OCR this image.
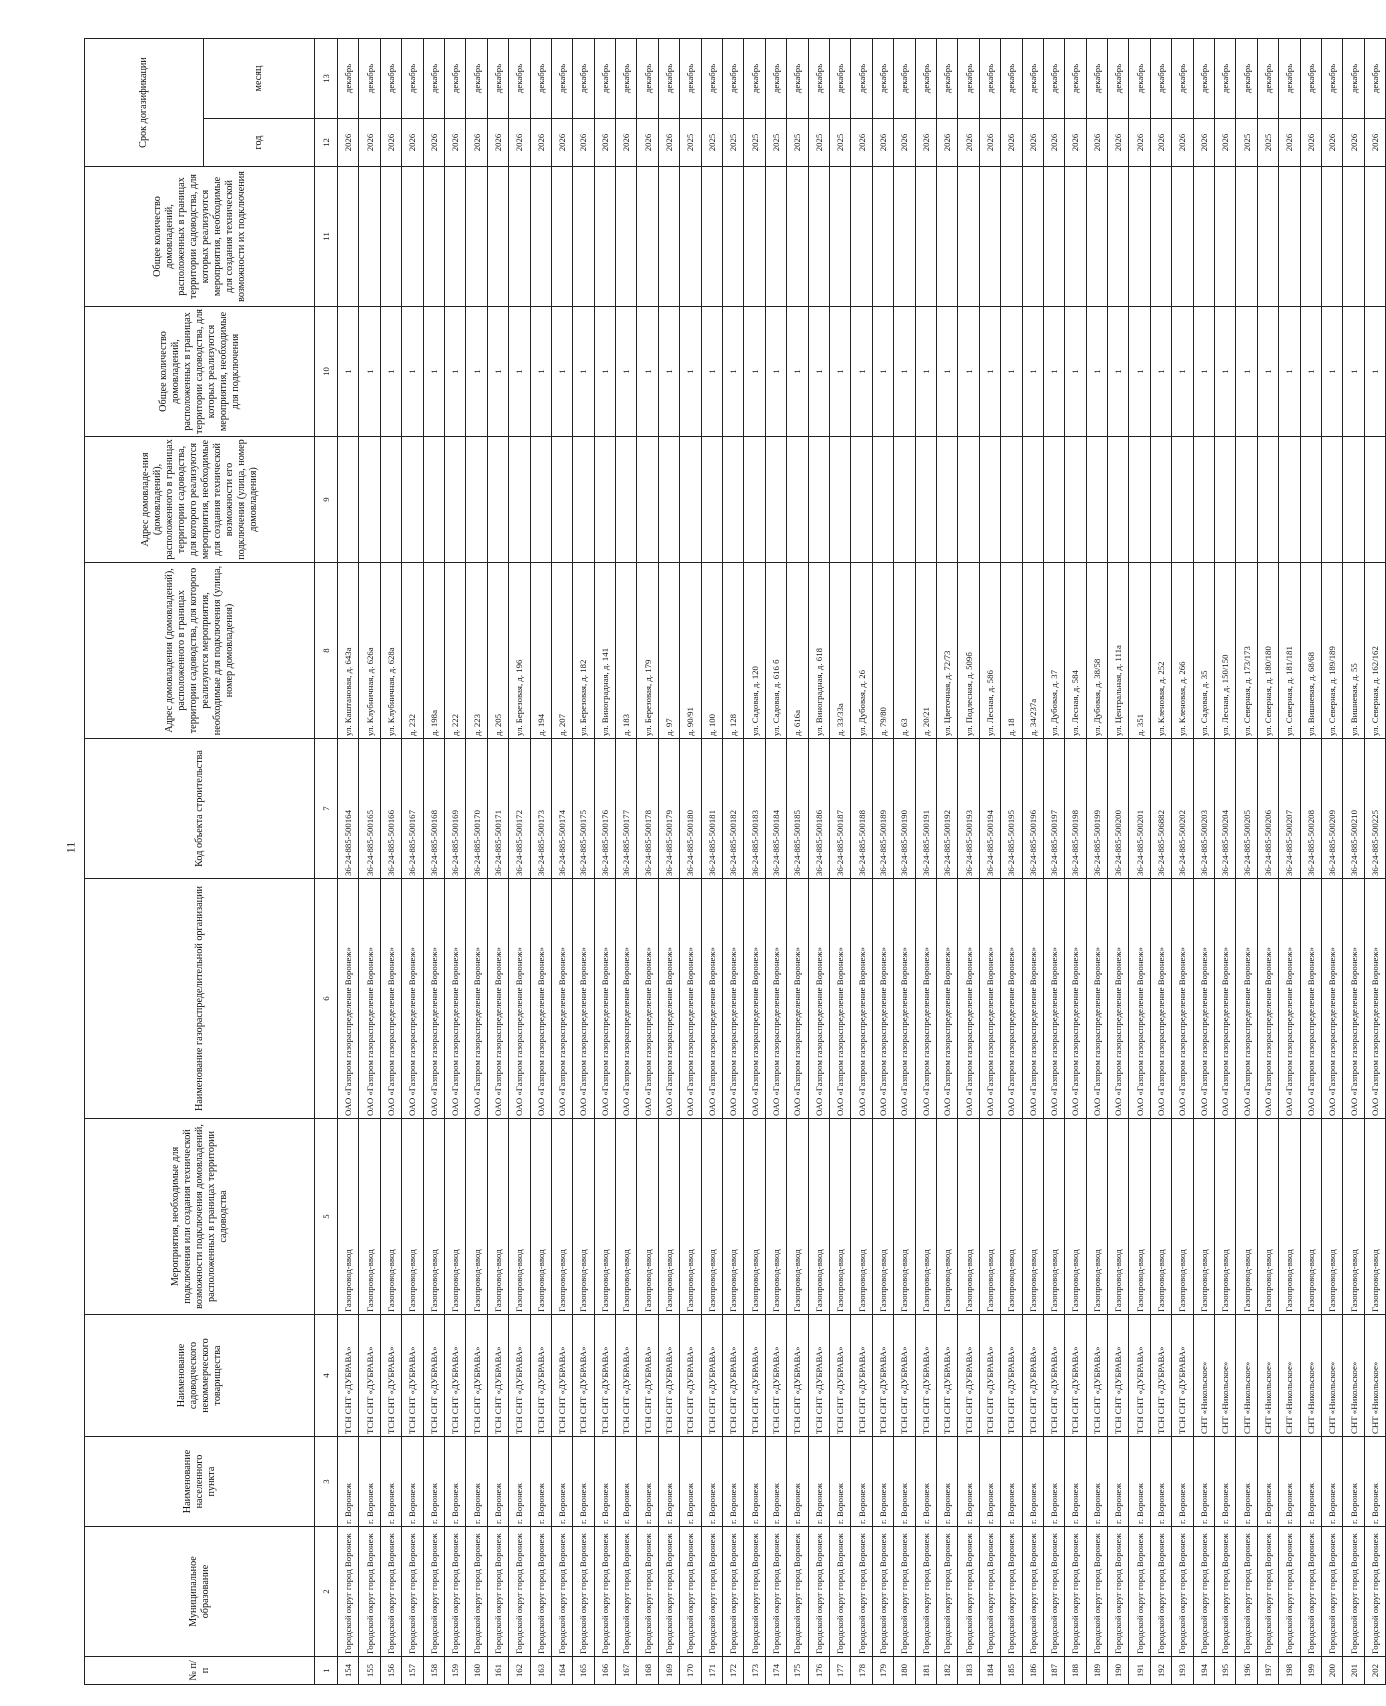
11
№ п/п	Муниципальное образование	Наименование населенного пункта	Наименование садоводческого некоммерческого товарищества	Мероприятия, необходимые для подключения или создания технической возможности подключения домовладений, расположенных в границах территории садоводства	Наименование газораспределительной организации	Код объекта строительства	Адрес домовладения (домовладений), расположенного в границах территории садоводства, для которого реализуются мероприятия, необходимые для подключения (улица, номер домовладения)	Адрес домовладе-ния (домовладений), расположенного в границах территории садоводства, для которого реализуются мероприятия, необходимые для создания технической возможности его подключения (улица, номер домовладения)	Общее количество домовладений, расположенных в границах территории садоводства, для которых реализуются мероприятия, необходимые для подключения	Общее количество домовладений, расположенных в границах территории садоводства, для которых реализуются мероприятия, необходимые для создания технической возможности их подключения	Срок догазификации	
											год	месяц
1	2	3	4	5	6	7	8	9	10	11	12	13
154	Городской округ город Воронеж	г. Воронеж	ТСН СНТ «ДУБРАВА»	Газопровод-ввод	ОАО «Газпром газораспределение Воронеж»	36-24-885-500164	ул. Каштановая, д. 643а		1		2026	декабрь
155	Городской округ город Воронеж	г. Воронеж	ТСН СНТ «ДУБРАВА»	Газопровод-ввод	ОАО «Газпром газораспределение Воронеж»	36-24-885-500165	ул. Клубничная, д. 626а		1		2026	декабрь
156	Городской округ город Воронеж	г. Воронеж	ТСН СНТ «ДУБРАВА»	Газопровод-ввод	ОАО «Газпром газораспределение Воронеж»	36-24-885-500166	ул. Клубничная, д. 628а		1		2026	декабрь
157	Городской округ город Воронеж	г. Воронеж	ТСН СНТ «ДУБРАВА»	Газопровод-ввод	ОАО «Газпром газораспределение Воронеж»	36-24-885-500167	д. 232		1		2026	декабрь
158	Городской округ город Воронеж	г. Воронеж	ТСН СНТ «ДУБРАВА»	Газопровод-ввод	ОАО «Газпром газораспределение Воронеж»	36-24-885-500168	д. 198а		1		2026	декабрь
159	Городской округ город Воронеж	г. Воронеж	ТСН СНТ «ДУБРАВА»	Газопровод-ввод	ОАО «Газпром газораспределение Воронеж»	36-24-885-500169	д. 222		1		2026	декабрь
160	Городской округ город Воронеж	г. Воронеж	ТСН СНТ «ДУБРАВА»	Газопровод-ввод	ОАО «Газпром газораспределение Воронеж»	36-24-885-500170	д. 223		1		2026	декабрь
161	Городской округ город Воронеж	г. Воронеж	ТСН СНТ «ДУБРАВА»	Газопровод-ввод	ОАО «Газпром газораспределение Воронеж»	36-24-885-500171	д. 205		1		2026	декабрь
162	Городской округ город Воронеж	г. Воронеж	ТСН СНТ «ДУБРАВА»	Газопровод-ввод	ОАО «Газпром газораспределение Воронеж»	36-24-885-500172	ул. Березовая, д. 196		1		2026	декабрь
163	Городской округ город Воронеж	г. Воронеж	ТСН СНТ «ДУБРАВА»	Газопровод-ввод	ОАО «Газпром газораспределение Воронеж»	36-24-885-500173	д. 194		1		2026	декабрь
164	Городской округ город Воронеж	г. Воронеж	ТСН СНТ «ДУБРАВА»	Газопровод-ввод	ОАО «Газпром газораспределение Воронеж»	36-24-885-500174	д. 207		1		2026	декабрь
165	Городской округ город Воронеж	г. Воронеж	ТСН СНТ «ДУБРАВА»	Газопровод-ввод	ОАО «Газпром газораспределение Воронеж»	36-24-885-500175	ул. Березовая, д. 182		1		2026	декабрь
166	Городской округ город Воронеж	г. Воронеж	ТСН СНТ «ДУБРАВА»	Газопровод-ввод	ОАО «Газпром газораспределение Воронеж»	36-24-885-500176	ул. Виноградная, д. 141		1		2026	декабрь
167	Городской округ город Воронеж	г. Воронеж	ТСН СНТ «ДУБРАВА»	Газопровод-ввод	ОАО «Газпром газораспределение Воронеж»	36-24-885-500177	д. 183		1		2026	декабрь
168	Городской округ город Воронеж	г. Воронеж	ТСН СНТ «ДУБРАВА»	Газопровод-ввод	ОАО «Газпром газораспределение Воронеж»	36-24-885-500178	ул. Березовая, д. 179		1		2026	декабрь
169	Городской округ город Воронеж	г. Воронеж	ТСН СНТ «ДУБРАВА»	Газопровод-ввод	ОАО «Газпром газораспределение Воронеж»	36-24-885-500179	д. 97		1		2026	декабрь
170	Городской округ город Воронеж	г. Воронеж	ТСН СНТ «ДУБРАВА»	Газопровод-ввод	ОАО «Газпром газораспределение Воронеж»	36-24-885-500180	д. 90/91		1		2025	декабрь
171	Городской округ город Воронеж	г. Воронеж	ТСН СНТ «ДУБРАВА»	Газопровод-ввод	ОАО «Газпром газораспределение Воронеж»	36-24-885-500181	д. 100		1		2025	декабрь
172	Городской округ город Воронеж	г. Воронеж	ТСН СНТ «ДУБРАВА»	Газопровод-ввод	ОАО «Газпром газораспределение Воронеж»	36-24-885-500182	д. 128		1		2025	декабрь
173	Городской округ город Воронеж	г. Воронеж	ТСН СНТ «ДУБРАВА»	Газопровод-ввод	ОАО «Газпром газораспределение Воронеж»	36-24-885-500183	ул. Садовая, д. 120		1		2025	декабрь
174	Городской округ город Воронеж	г. Воронеж	ТСН СНТ «ДУБРАВА»	Газопровод-ввод	ОАО «Газпром газораспределение Воронеж»	36-24-885-500184	ул. Садовая, д. 616 б		1		2025	декабрь
175	Городской округ город Воронеж	г. Воронеж	ТСН СНТ «ДУБРАВА»	Газопровод-ввод	ОАО «Газпром газораспределение Воронеж»	36-24-885-500185	д. 616а		1		2025	декабрь
176	Городской округ город Воронеж	г. Воронеж	ТСН СНТ «ДУБРАВА»	Газопровод-ввод	ОАО «Газпром газораспределение Воронеж»	36-24-885-500186	ул. Виноградная, д. 618		1		2025	декабрь
177	Городской округ город Воронеж	г. Воронеж	ТСН СНТ «ДУБРАВА»	Газопровод-ввод	ОАО «Газпром газораспределение Воронеж»	36-24-885-500187	д. 33/33а		1		2025	декабрь
178	Городской округ город Воронеж	г. Воронеж	ТСН СНТ «ДУБРАВА»	Газопровод-ввод	ОАО «Газпром газораспределение Воронеж»	36-24-885-500188	ул. Дубовая, д. 26		1		2026	декабрь
179	Городской округ город Воронеж	г. Воронеж	ТСН СНТ «ДУБРАВА»	Газопровод-ввод	ОАО «Газпром газораспределение Воронеж»	36-24-885-500189	д. 79/80		1		2026	декабрь
180	Городской округ город Воронеж	г. Воронеж	ТСН СНТ «ДУБРАВА»	Газопровод-ввод	ОАО «Газпром газораспределение Воронеж»	36-24-885-500190	д. 63		1		2026	декабрь
181	Городской округ город Воронеж	г. Воронеж	ТСН СНТ «ДУБРАВА»	Газопровод-ввод	ОАО «Газпром газораспределение Воронеж»	36-24-885-500191	д. 20/21		1		2026	декабрь
182	Городской округ город Воронеж	г. Воронеж	ТСН СНТ «ДУБРАВА»	Газопровод-ввод	ОАО «Газпром газораспределение Воронеж»	36-24-885-500192	ул. Цветочная, д. 72/73		1		2026	декабрь
183	Городской округ город Воронеж	г. Воронеж	ТСН СНТ «ДУБРАВА»	Газопровод-ввод	ОАО «Газпром газораспределение Воронеж»	36-24-885-500193	ул. Подлесная, д. 509б		1		2026	декабрь
184	Городской округ город Воронеж	г. Воронеж	ТСН СНТ «ДУБРАВА»	Газопровод-ввод	ОАО «Газпром газораспределение Воронеж»	36-24-885-500194	ул. Лесная, д. 586		1		2026	декабрь
185	Городской округ город Воронеж	г. Воронеж	ТСН СНТ «ДУБРАВА»	Газопровод-ввод	ОАО «Газпром газораспределение Воронеж»	36-24-885-500195	д. 18		1		2026	декабрь
186	Городской округ город Воронеж	г. Воронеж	ТСН СНТ «ДУБРАВА»	Газопровод-ввод	ОАО «Газпром газораспределение Воронеж»	36-24-885-500196	д. 34/237а		1		2026	декабрь
187	Городской округ город Воронеж	г. Воронеж	ТСН СНТ «ДУБРАВА»	Газопровод-ввод	ОАО «Газпром газораспределение Воронеж»	36-24-885-500197	ул. Дубовая, д. 37		1		2026	декабрь
188	Городской округ город Воронеж	г. Воронеж	ТСН СНТ «ДУБРАВА»	Газопровод-ввод	ОАО «Газпром газораспределение Воронеж»	36-24-885-500198	ул. Лесная, д. 584		1		2026	декабрь
189	Городской округ город Воронеж	г. Воронеж	ТСН СНТ «ДУБРАВА»	Газопровод-ввод	ОАО «Газпром газораспределение Воронеж»	36-24-885-500199	ул. Дубовая, д. 38/58		1		2026	декабрь
190	Городской округ город Воронеж	г. Воронеж	ТСН СНТ «ДУБРАВА»	Газопровод-ввод	ОАО «Газпром газораспределение Воронеж»	36-24-885-500200	ул. Центральная, д. 111а		1		2026	декабрь
191	Городской округ город Воронеж	г. Воронеж	ТСН СНТ «ДУБРАВА»	Газопровод-ввод	ОАО «Газпром газораспределение Воронеж»	36-24-885-500201	д. 351		1		2026	декабрь
192	Городской округ город Воронеж	г. Воронеж	ТСН СНТ «ДУБРАВА»	Газопровод-ввод	ОАО «Газпром газораспределение Воронеж»	36-24-885-506882	ул. Кленовая, д. 252		1		2026	декабрь
193	Городской округ город Воронеж	г. Воронеж	ТСН СНТ «ДУБРАВА»	Газопровод-ввод	ОАО «Газпром газораспределение Воронеж»	36-24-885-500202	ул. Кленовая, д. 266		1		2026	декабрь
194	Городской округ город Воронеж	г. Воронеж	СНТ «Никольское»	Газопровод-ввод	ОАО «Газпром газораспределение Воронеж»	36-24-885-500203	ул. Садовая, д. 35		1		2026	декабрь
195	Городской округ город Воронеж	г. Воронеж	СНТ «Никольское»	Газопровод-ввод	ОАО «Газпром газораспределение Воронеж»	36-24-885-500204	ул. Лесная, д. 150/150		1		2026	декабрь
196	Городской округ город Воронеж	г. Воронеж	СНТ «Никольское»	Газопровод-ввод	ОАО «Газпром газораспределение Воронеж»	36-24-885-500205	ул. Северная, д. 173/173		1		2025	декабрь
197	Городской округ город Воронеж	г. Воронеж	СНТ «Никольское»	Газопровод-ввод	ОАО «Газпром газораспределение Воронеж»	36-24-885-500206	ул. Северная, д. 180/180		1		2025	декабрь
198	Городской округ город Воронеж	г. Воронеж	СНТ «Никольское»	Газопровод-ввод	ОАО «Газпром газораспределение Воронеж»	36-24-885-500207	ул. Северная, д. 181/181		1		2026	декабрь
199	Городской округ город Воронеж	г. Воронеж	СНТ «Никольское»	Газопровод-ввод	ОАО «Газпром газораспределение Воронеж»	36-24-885-500208	ул. Вишневая, д. 68/68		1		2026	декабрь
200	Городской округ город Воронеж	г. Воронеж	СНТ «Никольское»	Газопровод-ввод	ОАО «Газпром газораспределение Воронеж»	36-24-885-500209	ул. Северная, д. 189/189		1		2026	декабрь
201	Городской округ город Воронеж	г. Воронеж	СНТ «Никольское»	Газопровод-ввод	ОАО «Газпром газораспределение Воронеж»	36-24-885-500210	ул. Вишневая, д. 55		1		2026	декабрь
202	Городской округ город Воронеж	г. Воронеж	СНТ «Никольское»	Газопровод-ввод	ОАО «Газпром газораспределение Воронеж»	36-24-885-500225	ул. Северная, д. 162/162		1		2026	декабрь
